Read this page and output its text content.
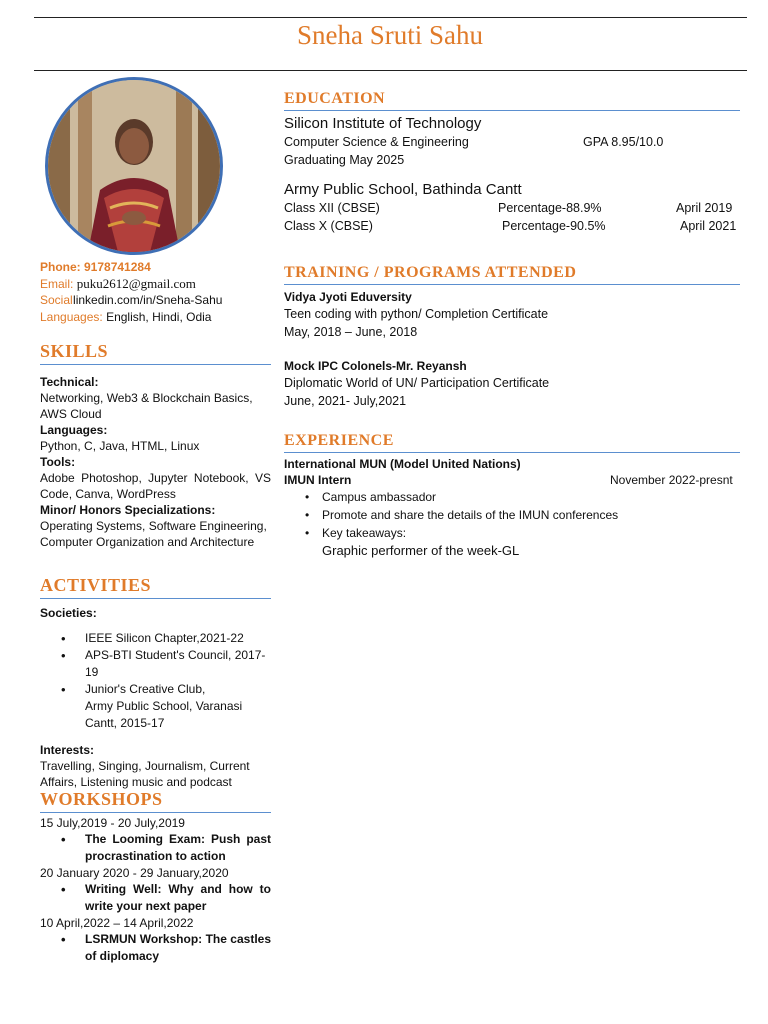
Sneha Sruti Sahu
Phone: 9178741284
Email: puku2612@gmail.com
Social linkedin.com/in/Sneha-Sahu
Languages: English, Hindi, Odia
SKILLS
Technical:
Networking, Web3 & Blockchain Basics, AWS Cloud
Languages:
Python, C, Java, HTML, Linux
Tools:
Adobe Photoshop, Jupyter Notebook, VS Code, Canva, WordPress
Minor/ Honors Specializations:
Operating Systems, Software Engineering, Computer Organization and Architecture
ACTIVITIES
Societies:
• IEEE Silicon Chapter,2021-22
• APS-BTI Student's Council, 2017-19
• Junior's Creative Club,
Army Public School, Varanasi Cantt, 2015-17
Interests:
Travelling, Singing, Journalism, Current Affairs, Listening music and podcast
WORKSHOPS
15 July,2019 - 20 July,2019
• The Looming Exam: Push past procrastination to action
20 January 2020 - 29 January,2020
• Writing Well: Why and how to write your next paper
10 April,2022 – 14 April,2022
• LSRMUN Workshop: The castles of diplomacy
EDUCATION
Silicon Institute of Technology
Computer Science & Engineering	GPA 8.95/10.0
Graduating May 2025
Army Public School, Bathinda Cantt
Class XII (CBSE)	Percentage-88.9%	April 2019
Class X (CBSE)	Percentage-90.5%	April 2021
TRAINING / PROGRAMS ATTENDED
Vidya Jyoti Eduversity
Teen coding with python/ Completion Certificate
May, 2018 – June, 2018
Mock IPC Colonels-Mr. Reyansh
Diplomatic World of UN/ Participation Certificate
June, 2021- July,2021
EXPERIENCE
International MUN (Model United Nations)
IMUN Intern	November 2022-presnt
• Campus ambassador
• Promote and share the details of the IMUN conferences
• Key takeaways:
Graphic performer of the week-GL
